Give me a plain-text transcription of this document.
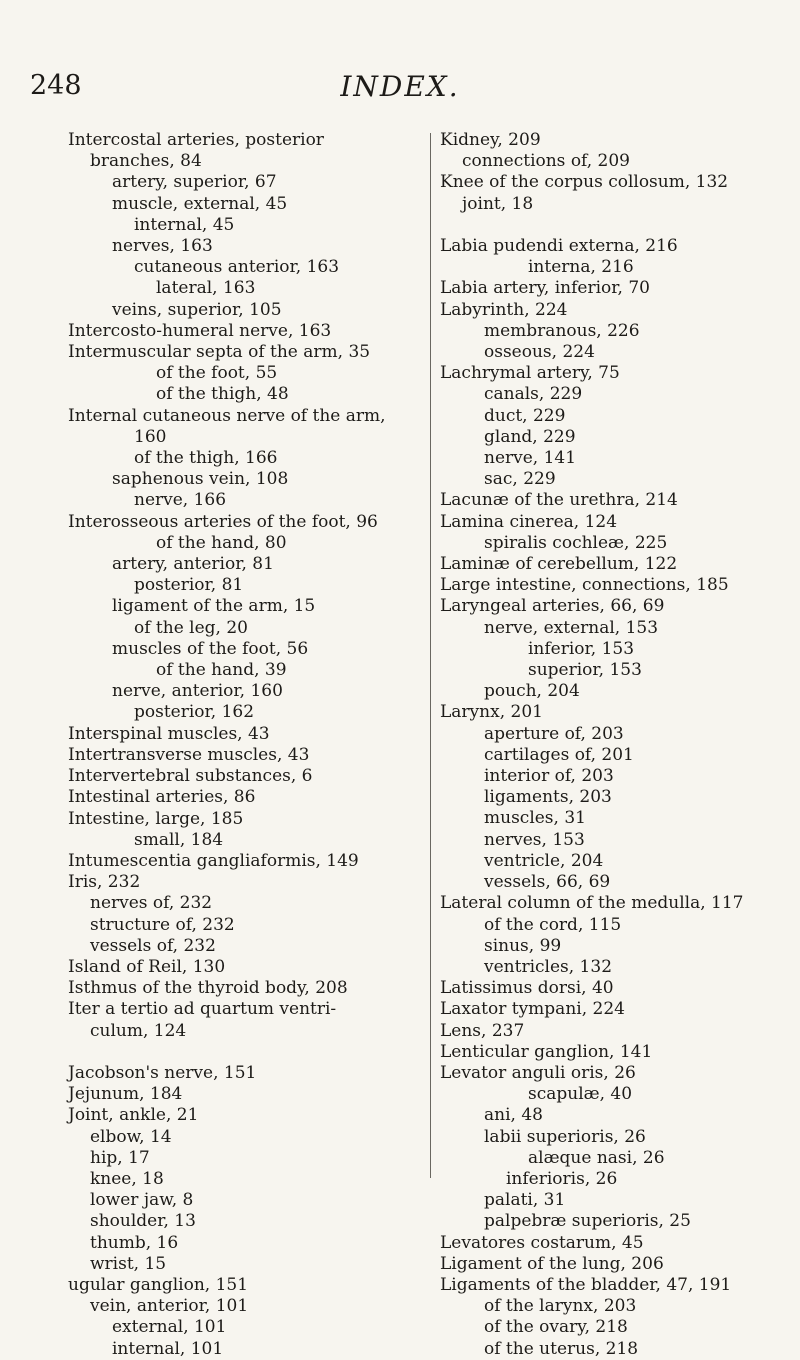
248	INDEX.
Intercostal arteries, posterior
branches, 84
artery, superior, 67
muscle, external, 45
internal, 45
nerves, 163
cutaneous anterior, 163
lateral, 163
veins, superior, 105
Intercosto-humeral nerve, 163
Intermuscular septa of the arm, 35
of the foot, 55
of the thigh, 48
Internal cutaneous nerve of the arm,
160
of the thigh, 166
saphenous vein, 108
nerve, 166
Interosseous arteries of the foot, 96
of the hand, 80
artery, anterior, 81
posterior, 81
ligament of the arm, 15
of the leg, 20
muscles of the foot, 56
of the hand, 39
nerve, anterior, 160
posterior, 162
Interspinal muscles, 43
Intertransverse muscles, 43
Intervertebral substances, 6
Intestinal arteries, 86
Intestine, large, 185
small, 184
Intumescentia gangliaformis, 149
Iris, 232
nerves of, 232
structure of, 232
vessels of, 232
Island of Reil, 130
Isthmus of the thyroid body, 208
Iter a tertio ad quartum ventri-
culum, 124
Jacobson's nerve, 151
Jejunum, 184
Joint, ankle, 21
elbow, 14
hip, 17
knee, 18
lower jaw, 8
shoulder, 13
thumb, 16
wrist, 15
ugular ganglion, 151
vein, anterior, 101
external, 101
internal, 101
Kidney, 209
connections of, 209
Knee of the corpus collosum, 132
joint, 18
Labia pudendi externa, 216
interna, 216
Labia artery, inferior, 70
Labyrinth, 224
membranous, 226
osseous, 224
Lachrymal artery, 75
canals, 229
duct, 229
gland, 229
nerve, 141
sac, 229
Lacunæ of the urethra, 214
Lamina cinerea, 124
spiralis cochleæ, 225
Laminæ of cerebellum, 122
Large intestine, connections, 185
Laryngeal arteries, 66, 69
nerve, external, 153
inferior, 153
superior, 153
pouch, 204
Larynx, 201
aperture of, 203
cartilages of, 201
interior of, 203
ligaments, 203
muscles, 31
nerves, 153
ventricle, 204
vessels, 66, 69
Lateral column of the medulla, 117
of the cord, 115
sinus, 99
ventricles, 132
Latissimus dorsi, 40
Laxator tympani, 224
Lens, 237
Lenticular ganglion, 141
Levator anguli oris, 26
scapulæ, 40
ani, 48
labii superioris, 26
alæque nasi, 26
inferioris, 26
palati, 31
palpebræ superioris, 25
Levatores costarum, 45
Ligament of the lung, 206
Ligaments of the bladder, 47, 191
of the larynx, 203
of the ovary, 218
of the uterus, 218
